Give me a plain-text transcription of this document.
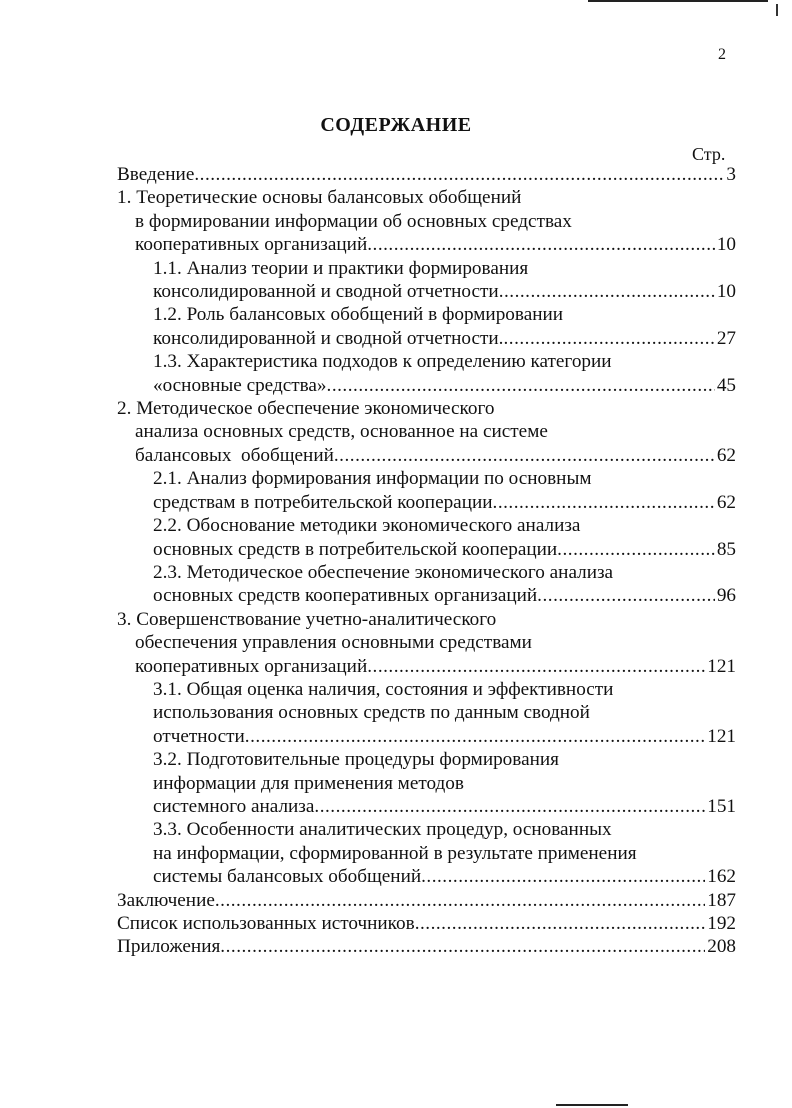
2
СОДЕРЖАНИЕ
Стр.
Введение .....	3
1. Теоретические основы балансовых обобщений
в формировании информации об основных средствах
кооперативных организаций .....	10
1.1. Анализ теории и практики формирования
консолидированной и сводной отчетности .....	10
1.2. Роль балансовых обобщений в формировании
консолидированной и сводной отчетности. .....	27
1.3. Характеристика подходов к определению категории
«основные средства» .....	45
2. Методическое обеспечение экономического
анализа основных средств, основанное на системе
балансовых  обобщений .....	62
2.1. Анализ формирования информации по основным
средствам в потребительской кооперации .....	62
2.2. Обоснование методики экономического анализа
основных средств в потребительской кооперации .....	85
2.3. Методическое обеспечение экономического анализа
основных средств кооперативных организаций .....	96
3. Совершенствование учетно-аналитического
обеспечения управления основными средствами
кооперативных организаций .....	121
3.1. Общая оценка наличия, состояния и эффективности
использования основных средств по данным сводной
отчетности .....	121
3.2. Подготовительные процедуры формирования
информации для применения методов
системного анализа .....	151
3.3. Особенности аналитических процедур, основанных
на информации, сформированной в результате применения
системы балансовых обобщений .....	162
Заключение .....	187
Список использованных источников .....	192
Приложения .....	208
